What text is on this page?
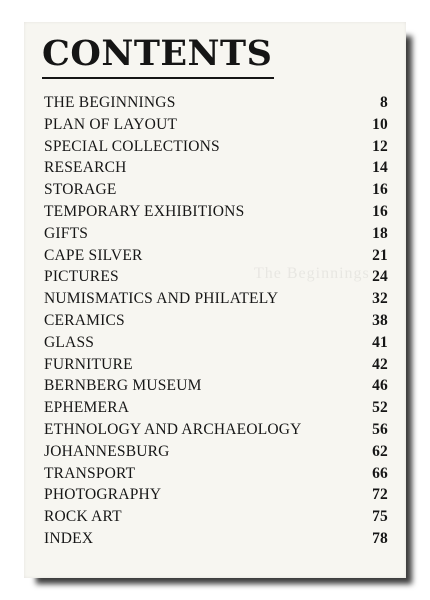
The Beginnings
CONTENTS
THE BEGINNINGS	8
PLAN OF LAYOUT	10
SPECIAL COLLECTIONS	12
RESEARCH	14
STORAGE	16
TEMPORARY EXHIBITIONS	16
GIFTS	18
CAPE SILVER	21
PICTURES	24
NUMISMATICS AND PHILATELY	32
CERAMICS	38
GLASS	41
FURNITURE	42
BERNBERG MUSEUM	46
EPHEMERA	52
ETHNOLOGY AND ARCHAEOLOGY	56
JOHANNESBURG	62
TRANSPORT	66
PHOTOGRAPHY	72
ROCK ART	75
INDEX	78
